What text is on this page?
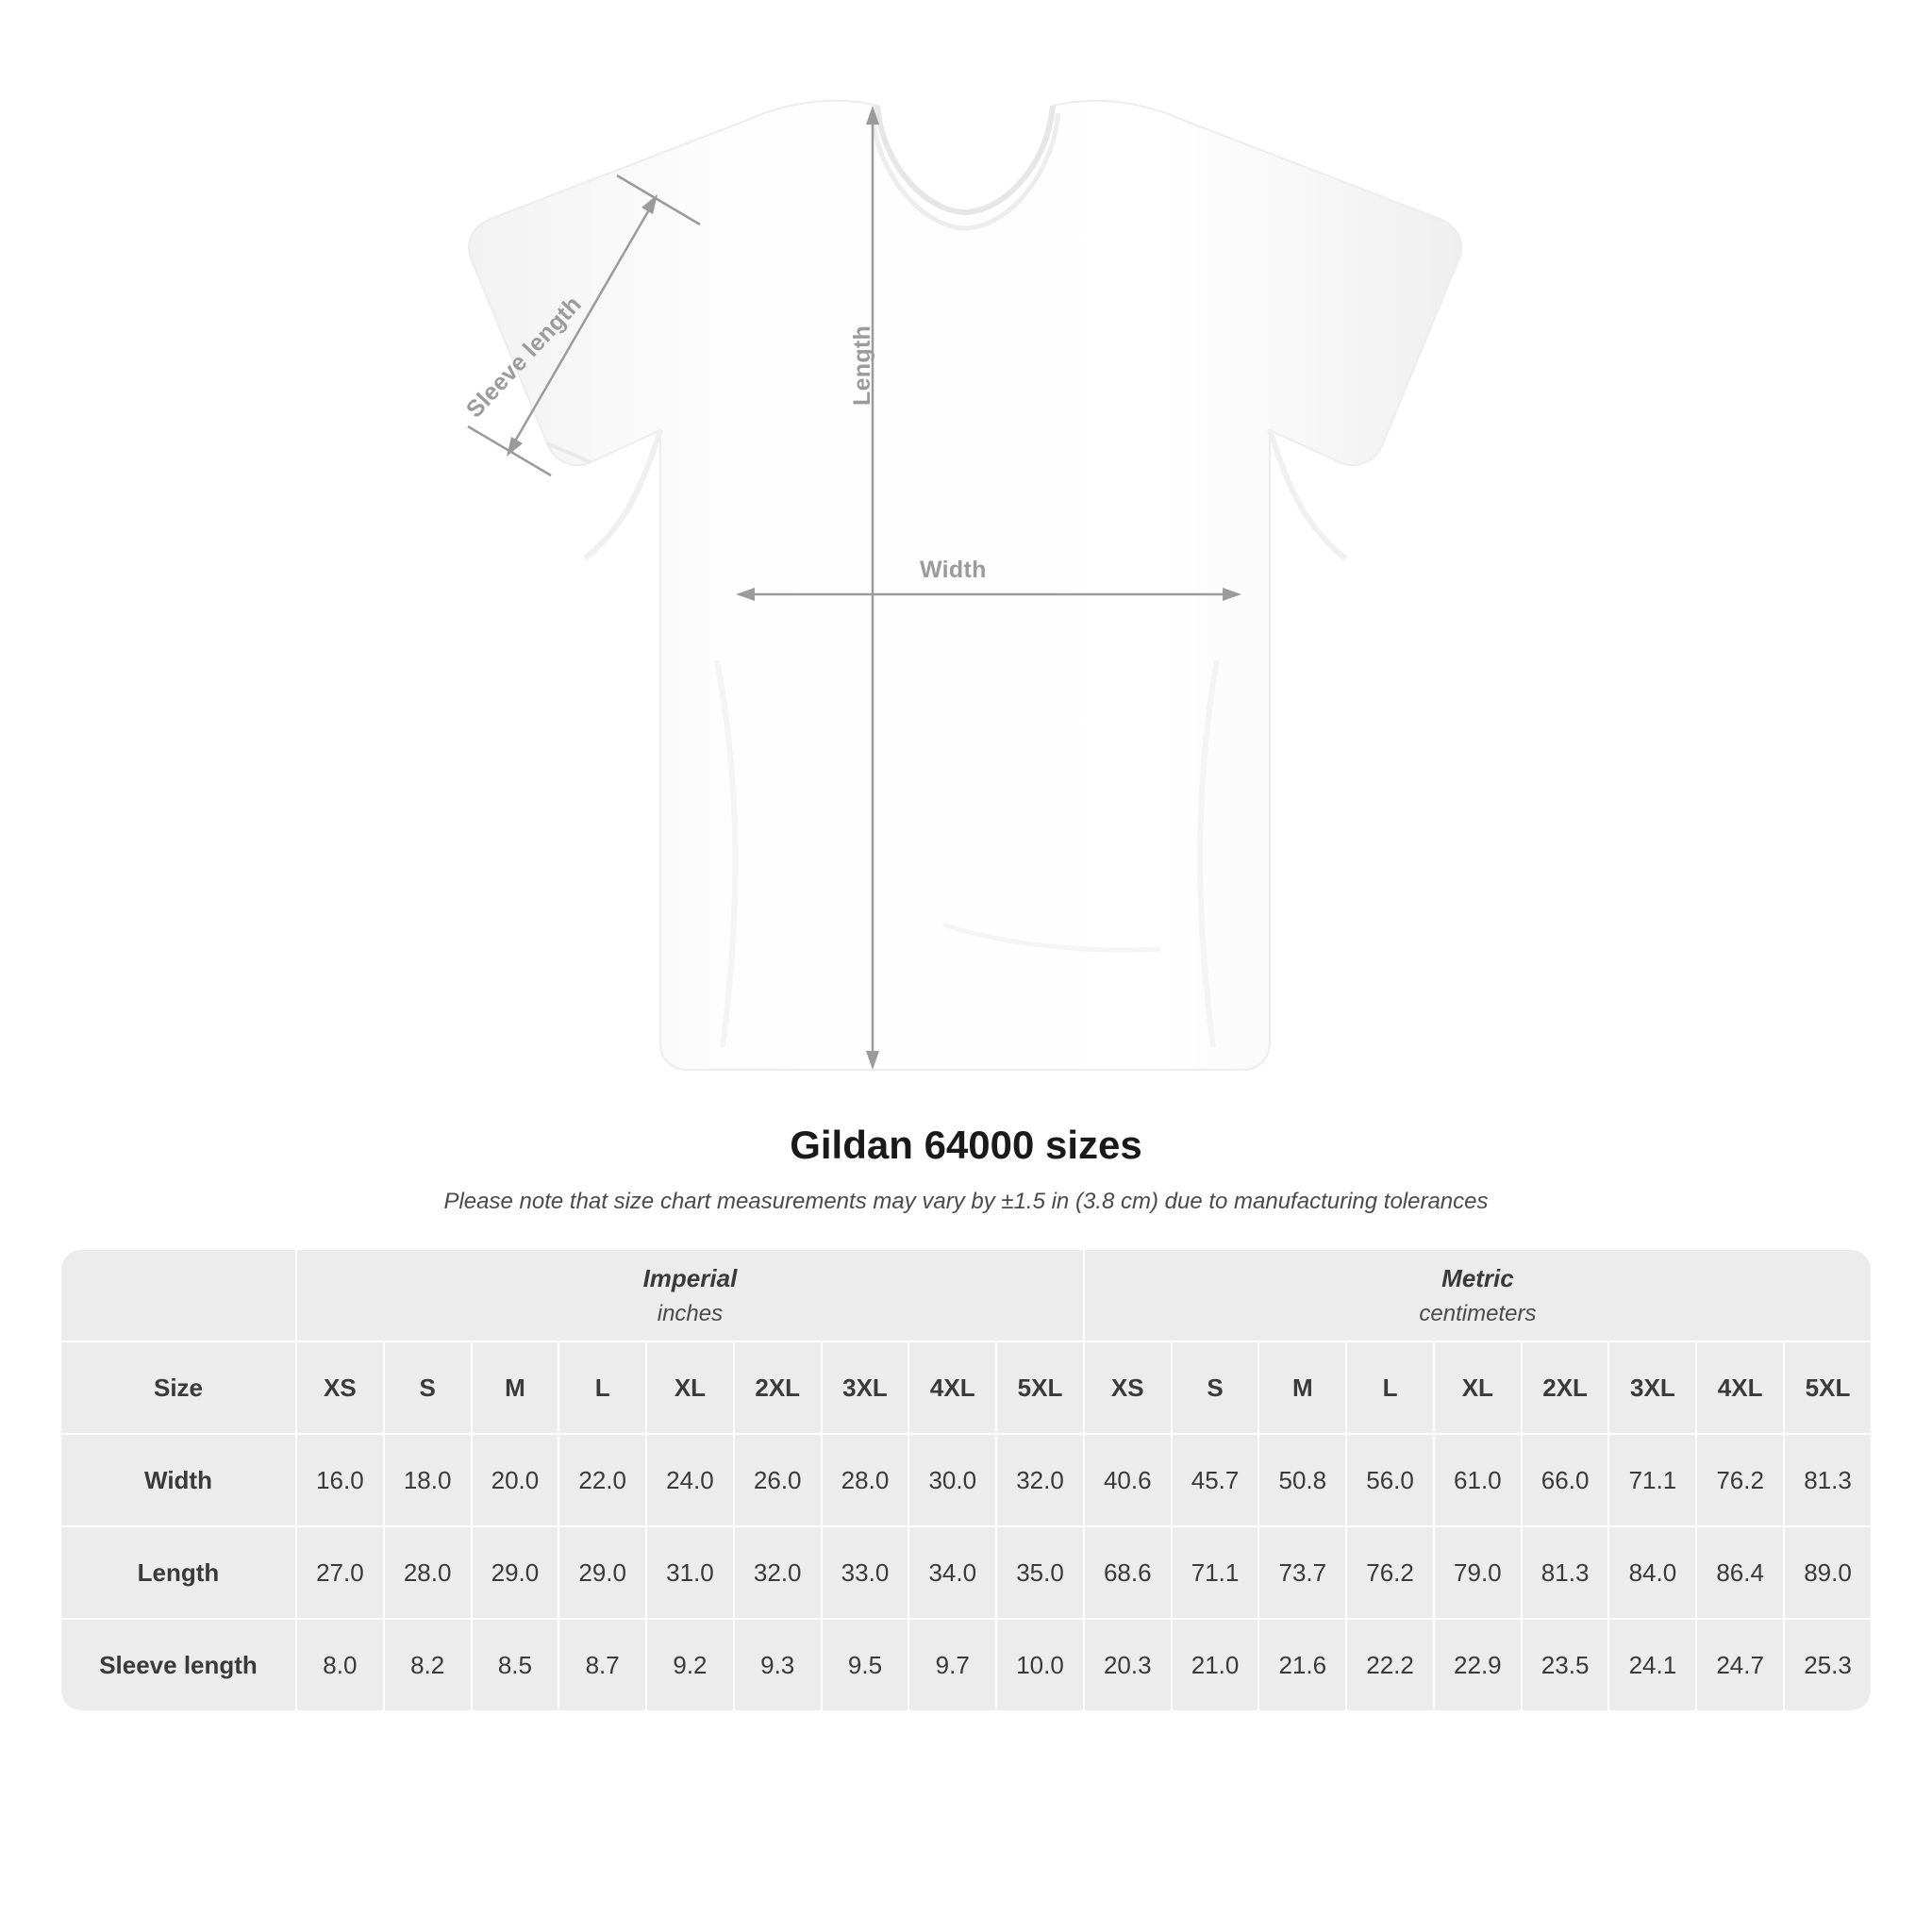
Width
Length
Sleeve length
Gildan 64000 sizes

Please note that size chart measurements may vary by ±1.5 in (3.8 cm) due to manufacturing tolerances

	Imperial
inches									Metric
centimeters								

Size	XS	S	M	L	XL	2XL	3XL	4XL	5XL	XS	S	M	L	XL	2XL	3XL	4XL	5XL
Width	16.0	18.0	20.0	22.0	24.0	26.0	28.0	30.0	32.0	40.6	45.7	50.8	56.0	61.0	66.0	71.1	76.2	81.3
Length	27.0	28.0	29.0	29.0	31.0	32.0	33.0	34.0	35.0	68.6	71.1	73.7	76.2	79.0	81.3	84.0	86.4	89.0
Sleeve length	8.0	8.2	8.5	8.7	9.2	9.3	9.5	9.7	10.0	20.3	21.0	21.6	22.2	22.9	23.5	24.1	24.7	25.3
